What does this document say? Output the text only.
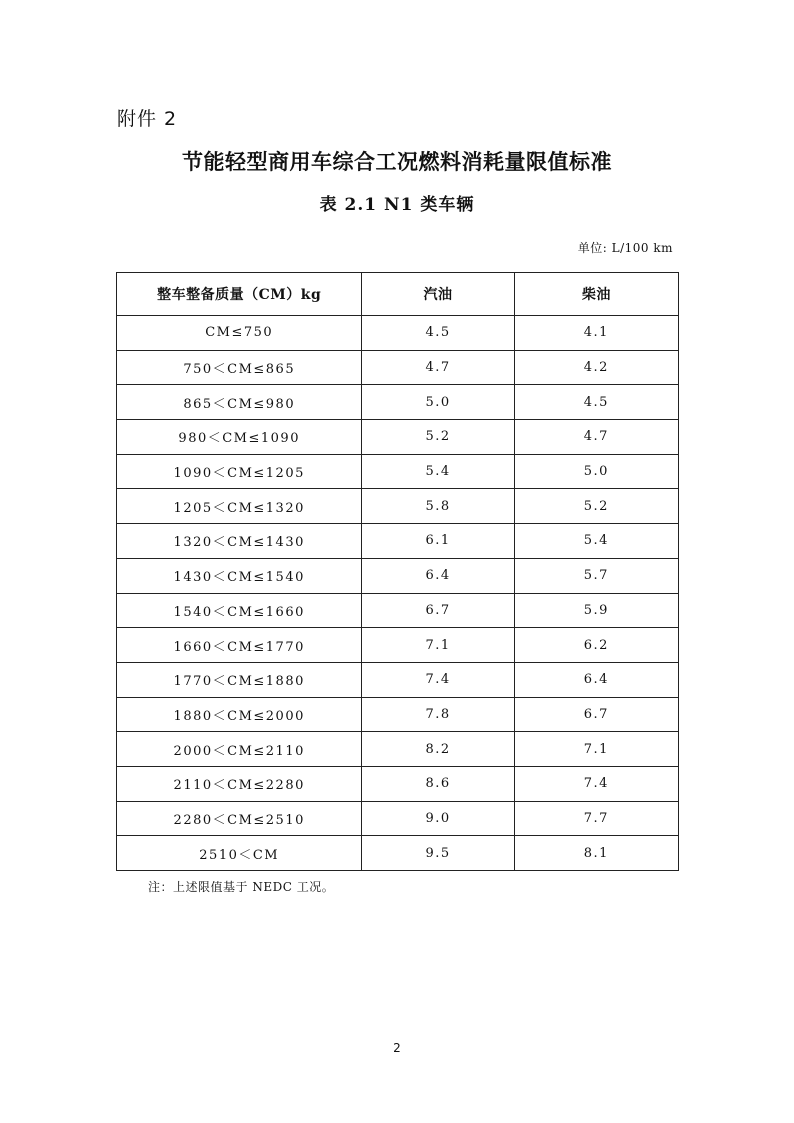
附件 2
节能轻型商用车综合工况燃料消耗量限值标准
表 2.1 N1 类车辆
单位: L/100 km
整车整备质量（CM）kg	汽油	柴油
CM≤750	4.5	4.1
750＜CM≤865	4.7	4.2
865＜CM≤980	5.0	4.5
980＜CM≤1090	5.2	4.7
1090＜CM≤1205	5.4	5.0
1205＜CM≤1320	5.8	5.2
1320＜CM≤1430	6.1	5.4
1430＜CM≤1540	6.4	5.7
1540＜CM≤1660	6.7	5.9
1660＜CM≤1770	7.1	6.2
1770＜CM≤1880	7.4	6.4
1880＜CM≤2000	7.8	6.7
2000＜CM≤2110	8.2	7.1
2110＜CM≤2280	8.6	7.4
2280＜CM≤2510	9.0	7.7
2510＜CM	9.5	8.1
注：上述限值基于 NEDC 工况。
2
